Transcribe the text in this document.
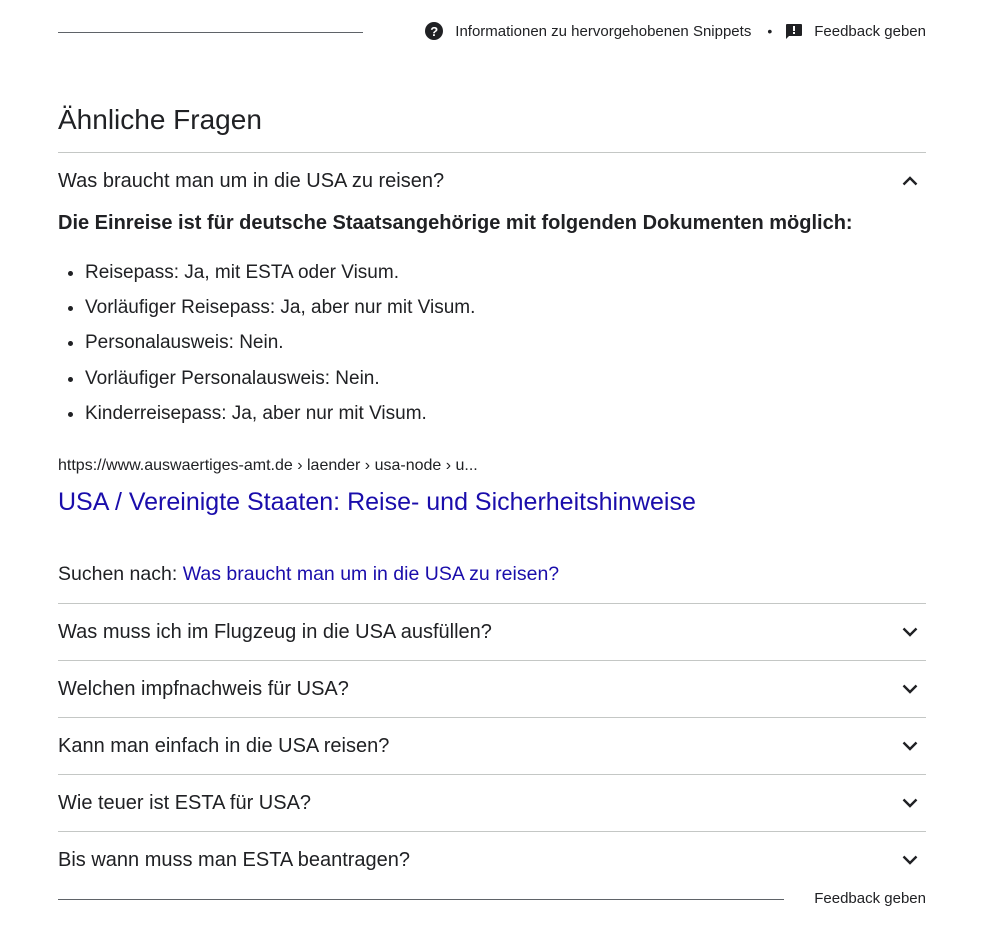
?	Informationen zu hervorgehobenen Snippets •	Feedback geben
Ähnliche Fragen
Was braucht man um in die USA zu reisen?
Die Einreise ist für deutsche Staatsangehörige mit folgenden Dokumenten möglich:
• Reisepass: Ja, mit ESTA oder Visum.
• Vorläufiger Reisepass: Ja, aber nur mit Visum.
• Personalausweis: Nein.
• Vorläufiger Personalausweis: Nein.
• Kinderreisepass: Ja, aber nur mit Visum.
https://www.auswaertiges-amt.de › laender › usa-node › u...
USA / Vereinigte Staaten: Reise- und Sicherheitshinweise
Suchen nach: Was braucht man um in die USA zu reisen?
Was muss ich im Flugzeug in die USA ausfüllen?
Welchen impfnachweis für USA?
Kann man einfach in die USA reisen?
Wie teuer ist ESTA für USA?
Bis wann muss man ESTA beantragen?
Feedback geben
